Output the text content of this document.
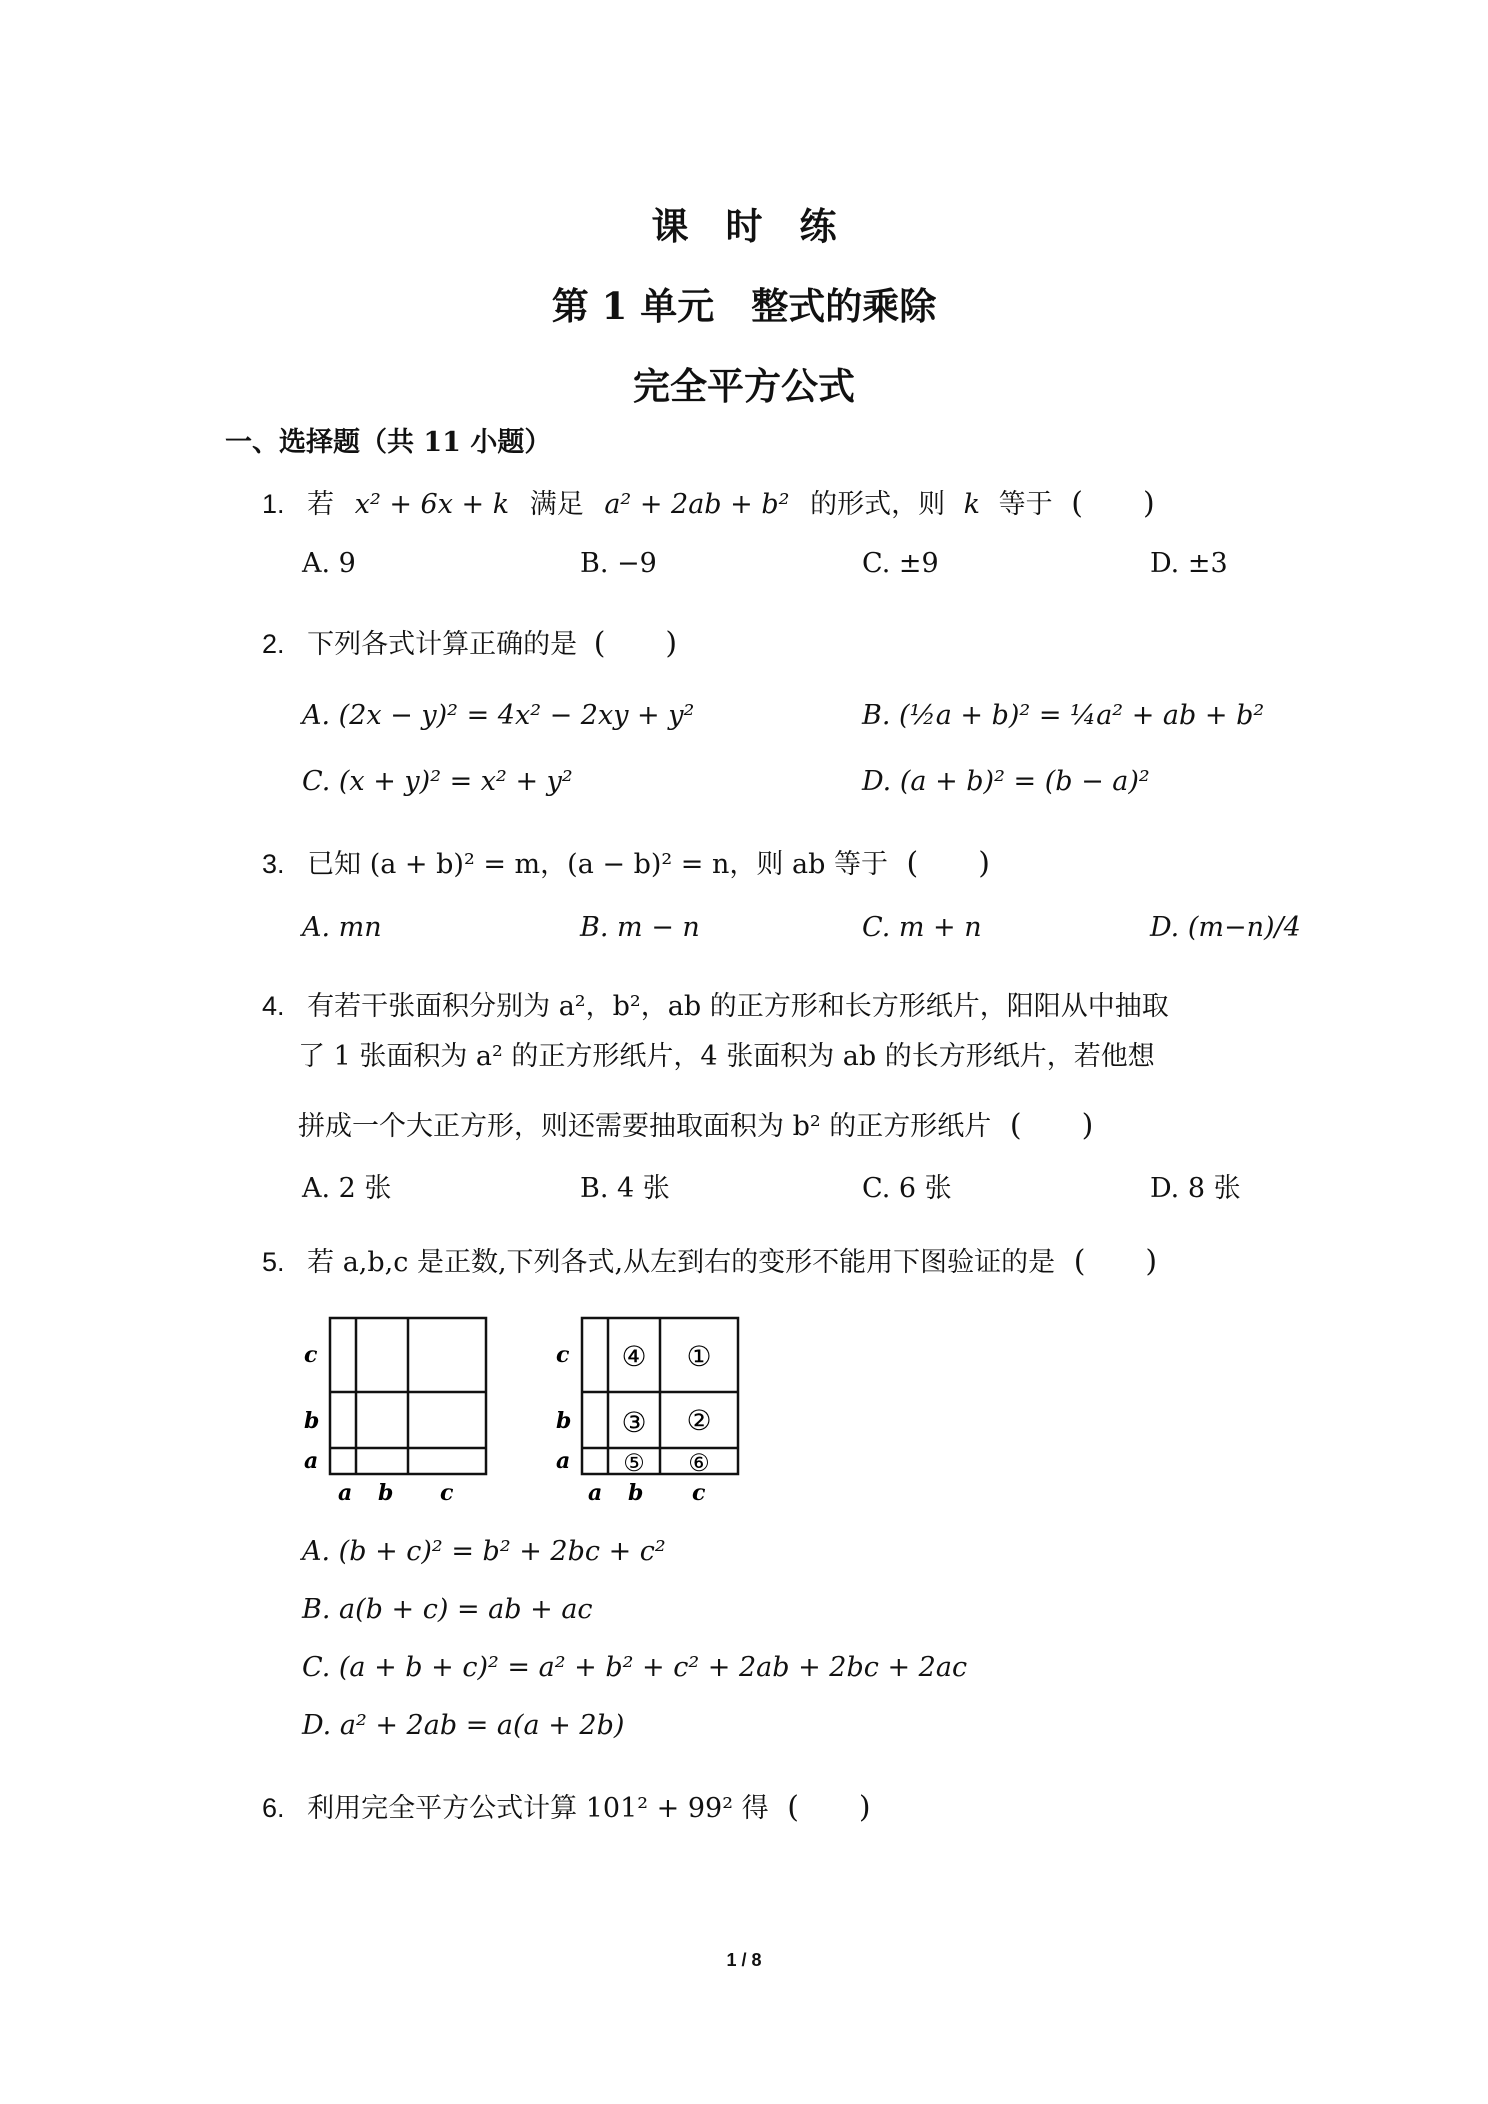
课　时　练
第 1 单元　整式的乘除
完全平方公式
一、选择题（共 11 小题）
1. 若 x² + 6x + k 满足 a² + 2ab + b² 的形式，则 k 等于 (　　)
A. 9	B. −9	C. ±9	D. ±3
2. 下列各式计算正确的是 (　　)
A. (2x − y)² = 4x² − 2xy + y²	B. (½a + b)² = ¼a² + ab + b²
C. (x + y)² = x² + y²	D. (a + b)² = (b − a)²
3. 已知 (a + b)² = m，(a − b)² = n，则 ab 等于 (　　)
A. mn	B. m − n	C. m + n	D. (m−n)/4
4. 有若干张面积分别为 a²，b²，ab 的正方形和长方形纸片，阳阳从中抽取
了 1 张面积为 a² 的正方形纸片，4 张面积为 ab 的长方形纸片，若他想
拼成一个大正方形，则还需要抽取面积为 b² 的正方形纸片 (　　)
A. 2 张	B. 4 张	C. 6 张	D. 8 张
5. 若 a,b,c 是正数,下列各式,从左到右的变形不能用下图验证的是 (　　)
c
b
a
a b c
c
b
a
a b c
④ ①
③ ②
⑤ ⑥
A. (b + c)² = b² + 2bc + c²
B. a(b + c) = ab + ac
C. (a + b + c)² = a² + b² + c² + 2ab + 2bc + 2ac
D. a² + 2ab = a(a + 2b)
6. 利用完全平方公式计算 101² + 99² 得 (　　)
1 / 8
